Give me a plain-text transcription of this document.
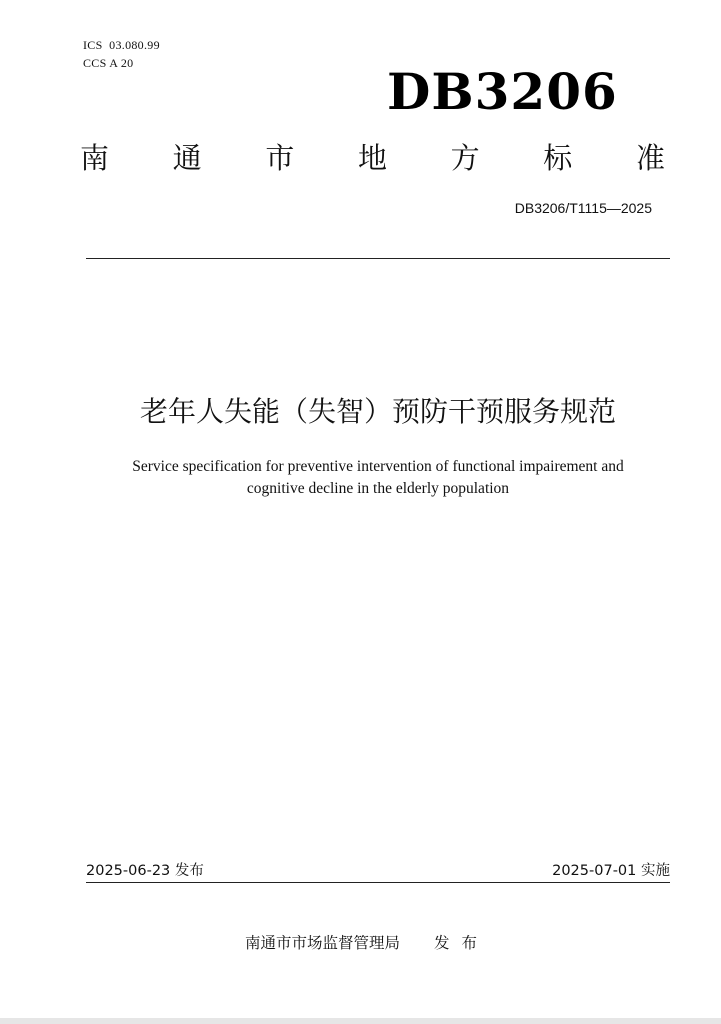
ICS  03.080.99
CCS A 20	DB3206
南 通 市 地 方 标 准
DB3206/T1115—2025
老年人失能（失智）预防干预服务规范
Service specification for preventive intervention of functional impairement and
cognitive decline in the elderly population
2025-06-23 发布	2025-07-01 实施
南通市市场监督管理局 发布
